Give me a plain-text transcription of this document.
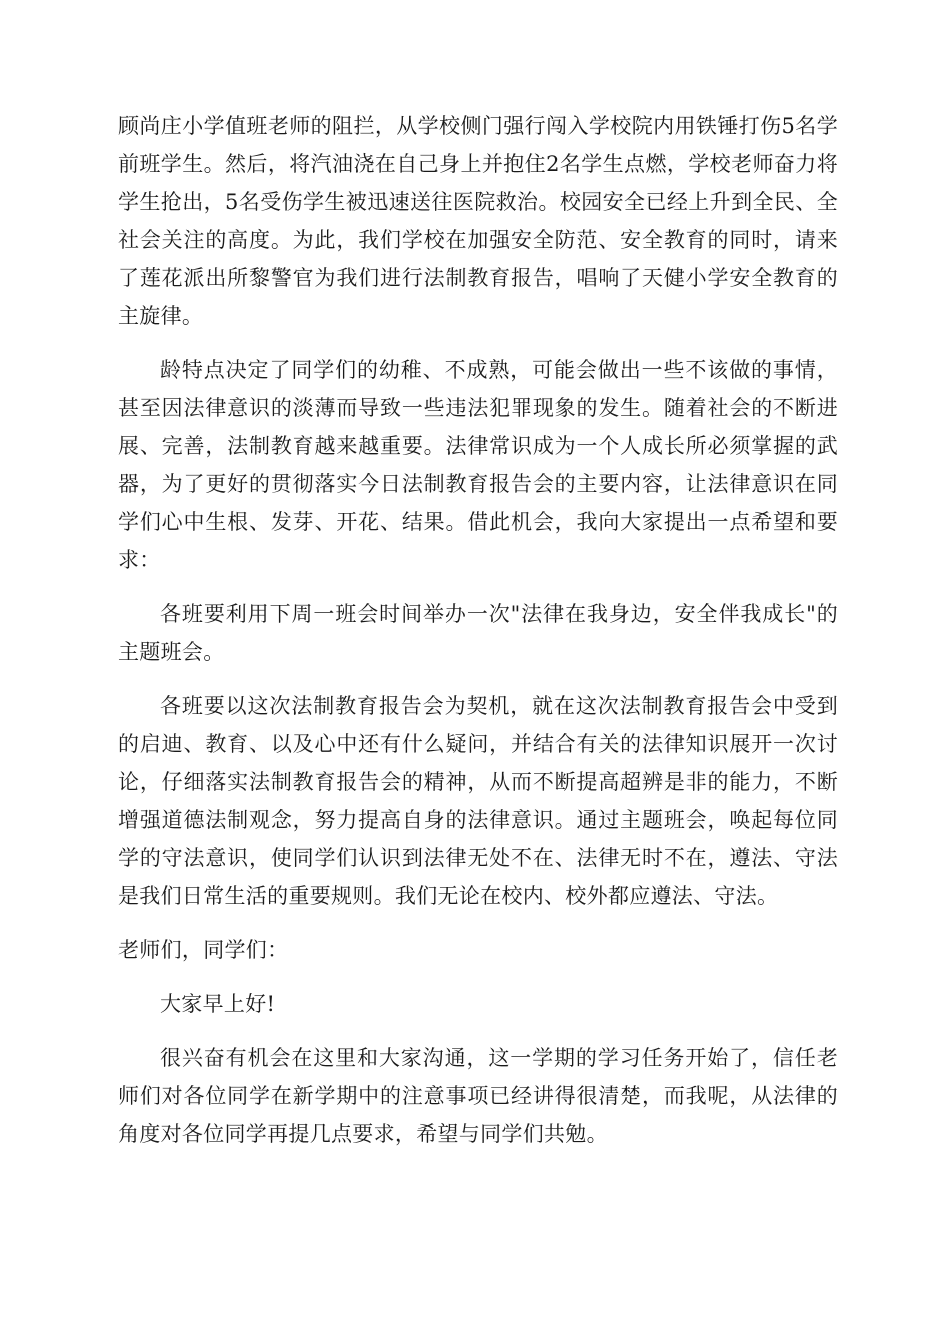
顾尚庄小学值班老师的阻拦，从学校侧门强行闯入学校院内用铁锤打伤5名学前班学生。然后，将汽油浇在自己身上并抱住2名学生点燃，学校老师奋力将学生抢出，5名受伤学生被迅速送往医院救治。校园安全已经上升到全民、全社会关注的高度。为此，我们学校在加强安全防范、安全教育的同时，请来了莲花派出所黎警官为我们进行法制教育报告，唱响了天健小学安全教育的主旋律。

龄特点决定了同学们的幼稚、不成熟，可能会做出一些不该做的事情，甚至因法律意识的淡薄而导致一些违法犯罪现象的发生。随着社会的不断进展、完善，法制教育越来越重要。法律常识成为一个人成长所必须掌握的武器，为了更好的贯彻落实今日法制教育报告会的主要内容，让法律意识在同学们心中生根、发芽、开花、结果。借此机会，我向大家提出一点希望和要求：

各班要利用下周一班会时间举办一次"法律在我身边，安全伴我成长"的主题班会。

各班要以这次法制教育报告会为契机，就在这次法制教育报告会中受到的启迪、教育、以及心中还有什么疑问，并结合有关的法律知识展开一次讨论，仔细落实法制教育报告会的精神，从而不断提高超辨是非的能力，不断增强道德法制观念，努力提高自身的法律意识。通过主题班会，唤起每位同学的守法意识，使同学们认识到法律无处不在、法律无时不在，遵法、守法是我们日常生活的重要规则。我们无论在校内、校外都应遵法、守法。

老师们，同学们：

大家早上好!

很兴奋有机会在这里和大家沟通，这一学期的学习任务开始了，信任老师们对各位同学在新学期中的注意事项已经讲得很清楚，而我呢，从法律的角度对各位同学再提几点要求，希望与同学们共勉。
